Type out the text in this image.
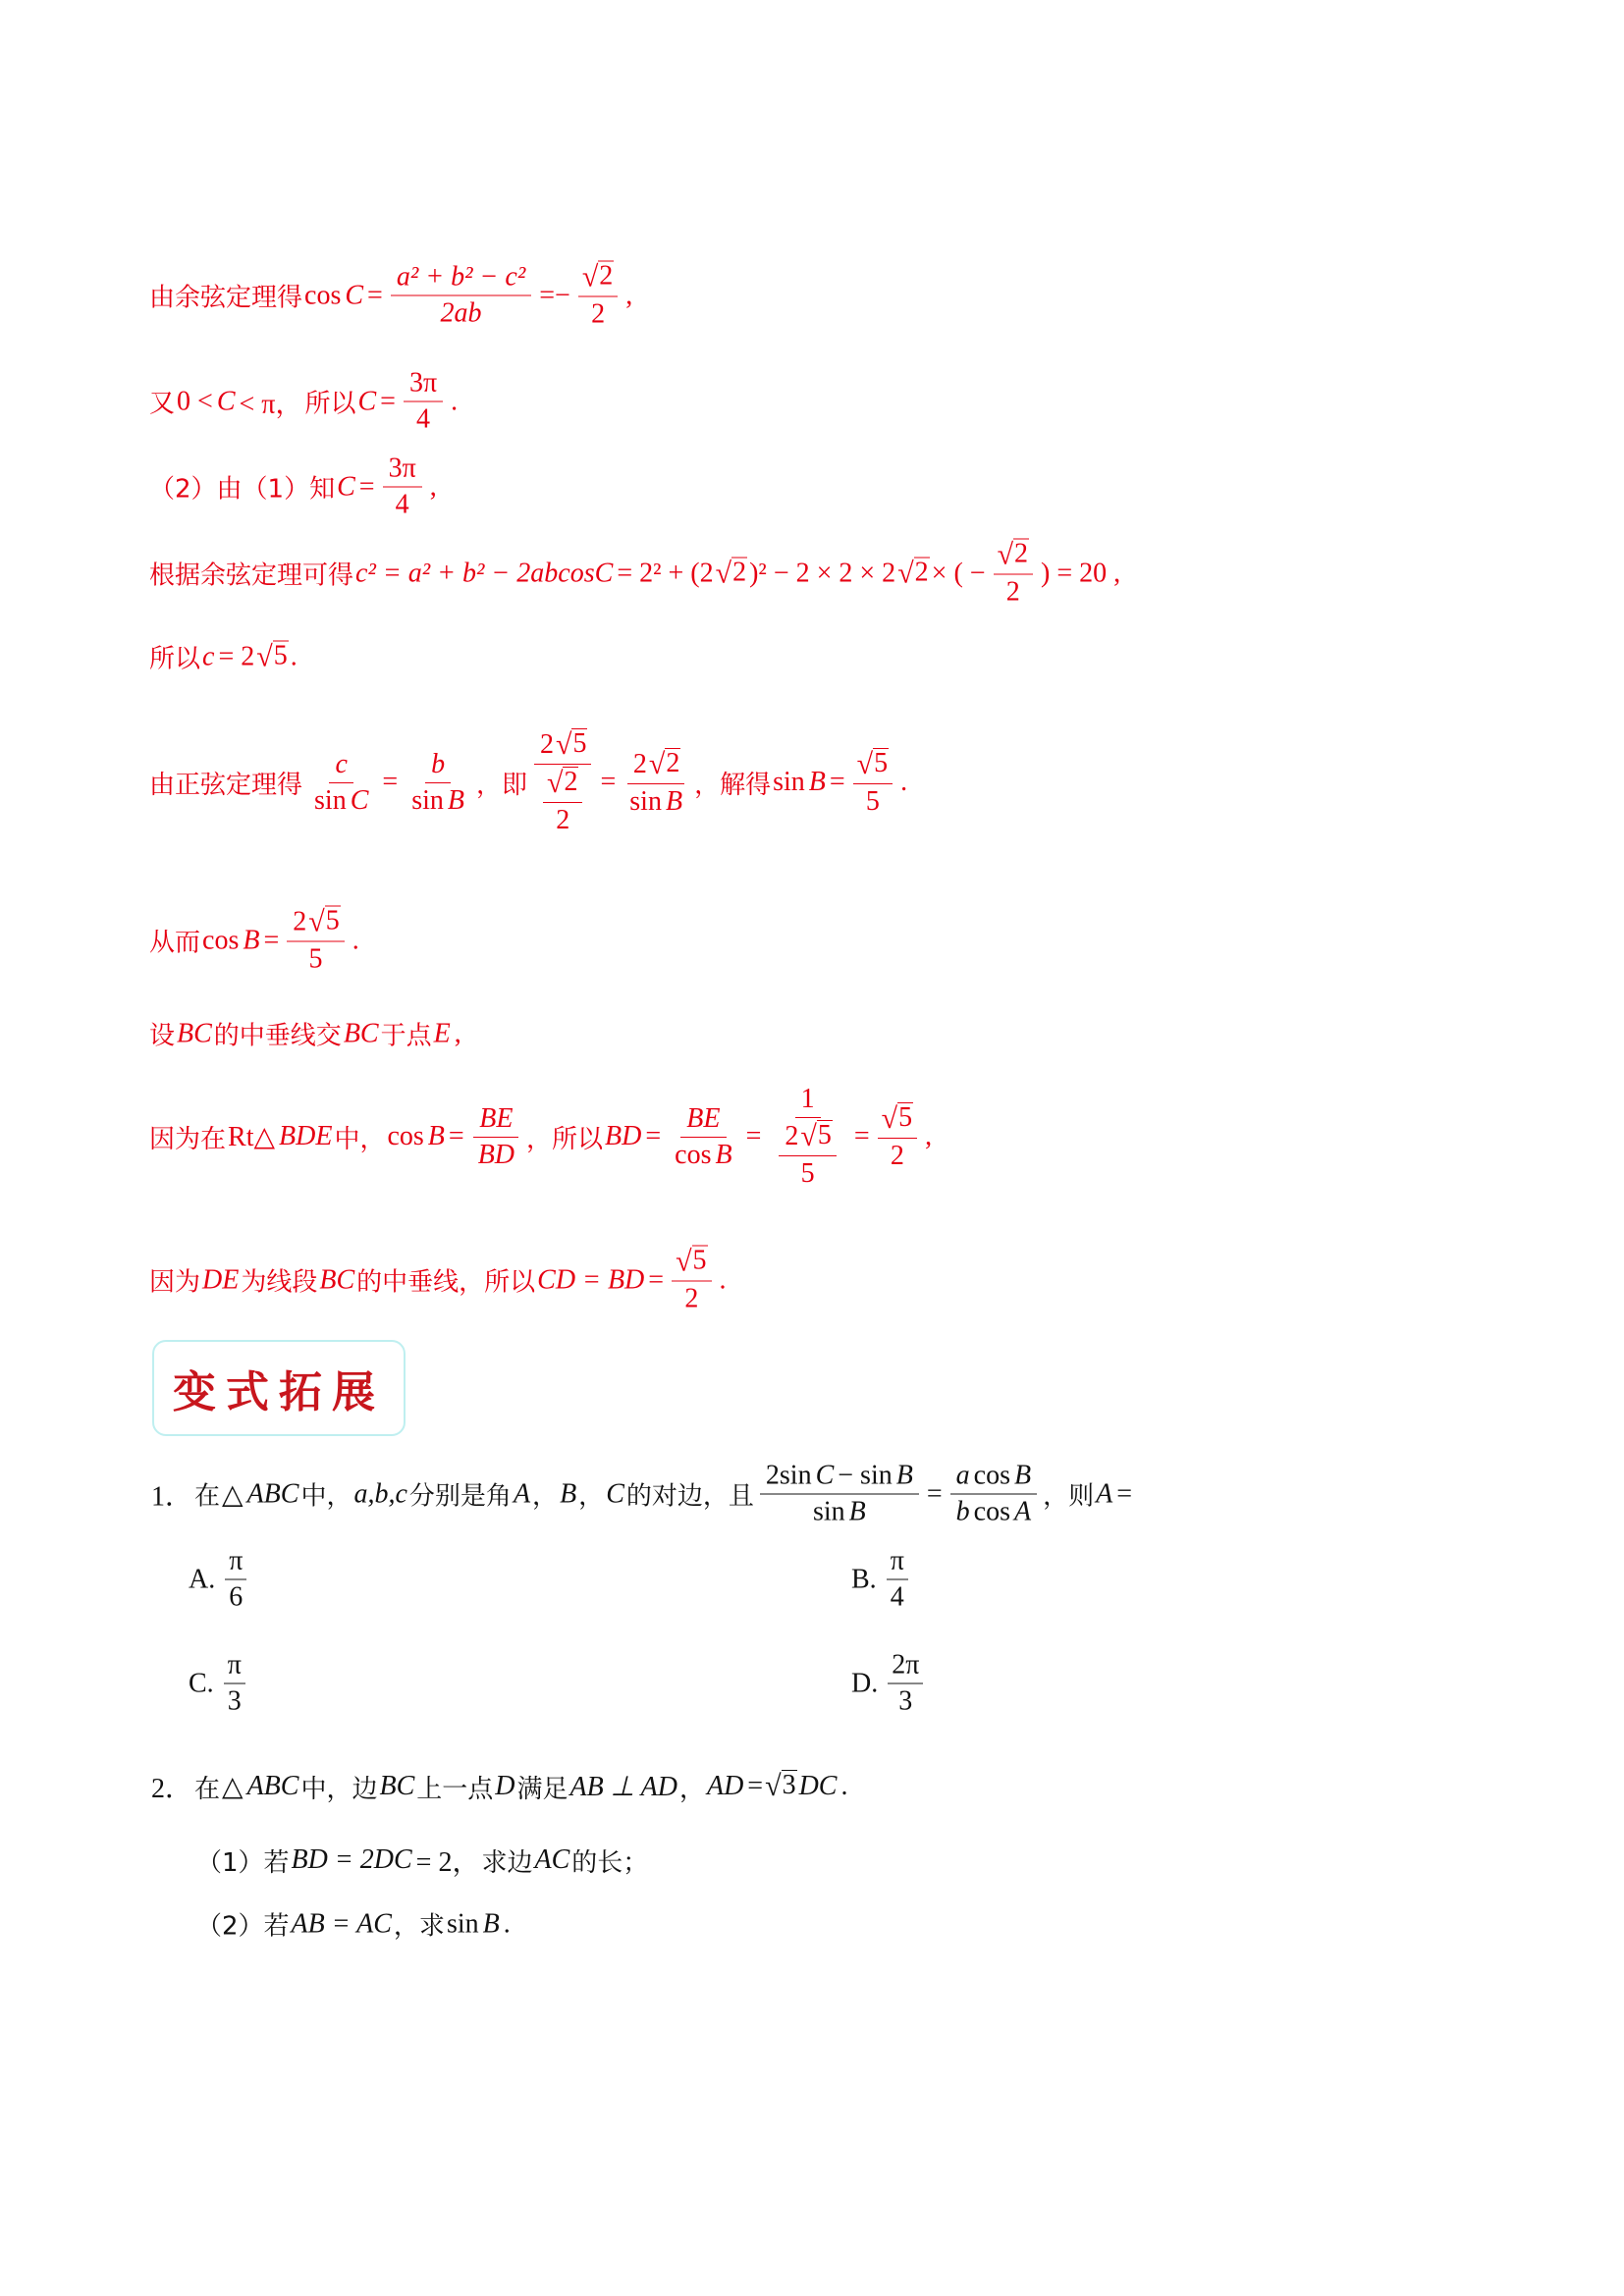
由余弦定理得 $\cos C = \frac{\text{a² + b² − c²}}{2ab} =- \frac{√ 2}{2}$ ,
又 0 < C < π， 所以 $C = \frac{3\pi}{4}$ .
（2）由（1）知 $C = \frac{3\pi}{4}$ ,
根据余弦定理可得 c² = a² + b² − 2abcosC = 2² + (2 √ 2 )² − 2 × 2 × 2 √ 2 × ( − $\frac{√ 2}{2}$ ) = 20 ,
所以 c = 2 √ 5 .
由正弦定理得 $\frac{c}{\text{sin C}} = \frac{b}{\text{sin B}}$ ，即 $\frac{2 √ 5}{\frac{√ 2}{2}} = \frac{2 √ 2}{\text{sin B}}$ ，解得 $\sin B = \frac{√ 5}{5}$ .
从而 $\cos B = \frac{2 √ 5}{5}$ .
设 BC 的中垂线交 BC 于点 E ,
因为在 Rt△ BDE 中， $\cos B = \frac{BE}{BD}$ ，所以 BD = $\frac{BE}{\text{cos B}} = \frac{1}{\frac{2 √ 5}{5}} = \frac{√ 5}{2}$ ,
因为 DE 为线段 BC 的中垂线，所以 CD = BD = $\frac{√ 5}{2}$ .
变式拓展
1． 在 △ ABC 中， a,b,c 分别是角 A ， B ， C 的对边，且 $\frac{\text{2sin C − sin B}}{\text{sin B}} = \frac{\text{a cos B}}{\text{b cos A}}$ ，则 A =
2． 在 △ ABC 中，边 BC 上一点 D 满足 AB ⊥ AD ， AD = √ 3 DC .
（1）若 BD = 2DC = 2， 求边 AC 的长；
（2）若 AB = AC ，求 sin B .
A. $\frac{\pi}{6}$	B. $\frac{\pi}{4}$
C. $\frac{\pi}{3}$	D. $\frac{2\pi}{3}$
